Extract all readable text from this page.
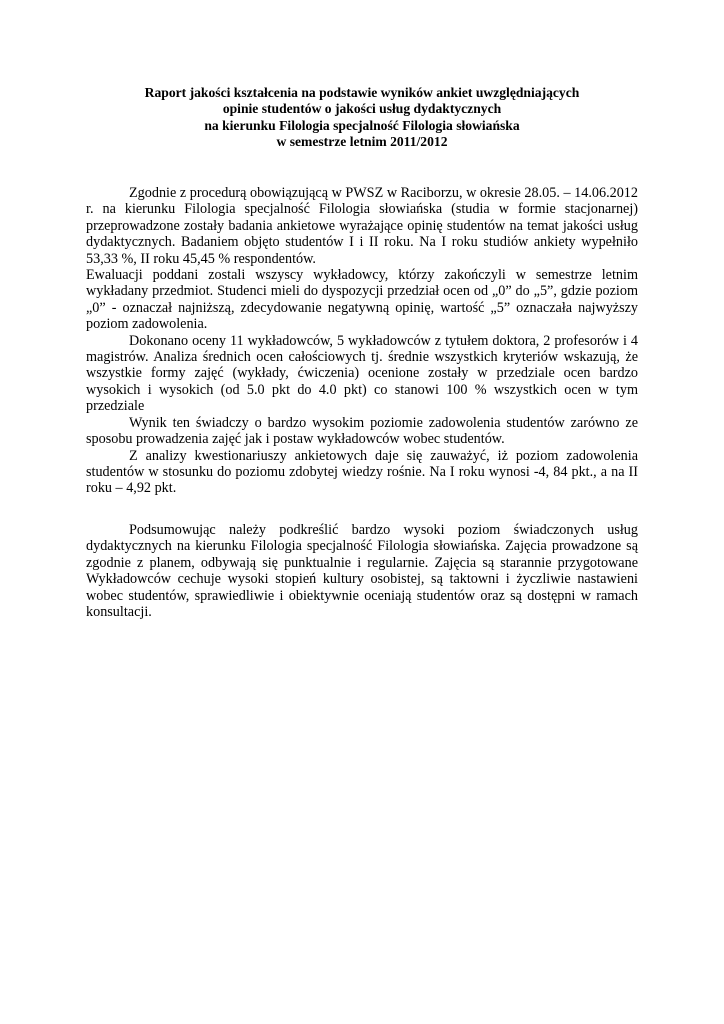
Raport jakości kształcenia na podstawie wyników ankiet uwzględniających
opinie studentów o jakości usług dydaktycznych
na kierunku Filologia specjalność Filologia słowiańska
w semestrze letnim 2011/2012

Zgodnie z procedurą obowiązującą w PWSZ w Raciborzu, w okresie 28.05. – 14.06.2012 r. na kierunku Filologia specjalność Filologia słowiańska (studia w formie stacjonarnej) przeprowadzone zostały badania ankietowe wyrażające opinię studentów na temat jakości usług dydaktycznych. Badaniem objęto studentów I i II roku. Na I roku studiów ankiety wypełniło 53,33 %, II roku 45,45 % respondentów.

Ewaluacji poddani zostali wszyscy wykładowcy, którzy zakończyli w semestrze letnim wykładany przedmiot. Studenci mieli do dyspozycji przedział ocen od „0” do „5”, gdzie poziom „0” - oznaczał najniższą, zdecydowanie negatywną opinię, wartość „5” oznaczała najwyższy poziom zadowolenia.

Dokonano oceny 11 wykładowców, 5 wykładowców z tytułem doktora, 2 profesorów i 4 magistrów. Analiza średnich ocen całościowych tj. średnie wszystkich kryteriów wskazują, że wszystkie formy zajęć (wykłady, ćwiczenia) ocenione zostały w przedziale ocen bardzo wysokich i wysokich (od 5.0 pkt do 4.0 pkt) co stanowi 100 % wszystkich ocen w tym przedziale

Wynik ten świadczy o bardzo wysokim poziomie zadowolenia studentów zarówno ze sposobu prowadzenia zajęć jak i postaw wykładowców wobec studentów.

Z analizy kwestionariuszy ankietowych daje się zauważyć, iż poziom zadowolenia studentów w stosunku do poziomu zdobytej wiedzy rośnie. Na I roku wynosi -4, 84 pkt., a na II roku – 4,92 pkt.

Podsumowując należy podkreślić bardzo wysoki poziom świadczonych usług dydaktycznych na kierunku Filologia specjalność Filologia słowiańska. Zajęcia prowadzone są zgodnie z planem, odbywają się punktualnie i regularnie. Zajęcia są starannie przygotowane Wykładowców cechuje wysoki stopień kultury osobistej, są taktowni i życzliwie nastawieni wobec studentów, sprawiedliwie i obiektywnie oceniają studentów oraz są dostępni w ramach konsultacji.
